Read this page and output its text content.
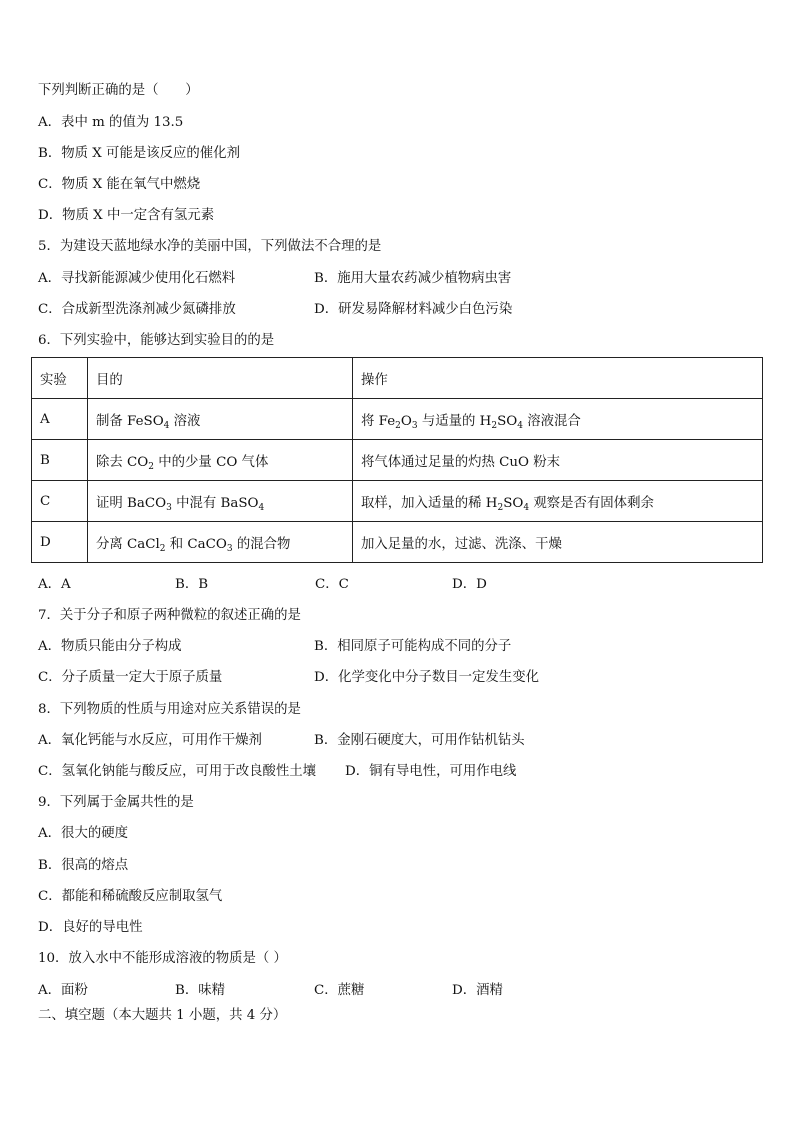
下列判断正确的是（　　）
A．表中 m 的值为 13.5
B．物质 X 可能是该反应的催化剂
C．物质 X 能在氧气中燃烧
D．物质 X 中一定含有氢元素
5．为建设天蓝地绿水净的美丽中国，下列做法不合理的是
A．寻找新能源减少使用化石燃料	B．施用大量农药减少植物病虫害
C．合成新型洗涤剂减少氮磷排放	D．研发易降解材料减少白色污染
6．下列实验中，能够达到实验目的的是
实验	目的	操作
A	制备 FeSO$_4$ 溶液	将 $Fe_2O_3$ 与适量的 $H_2SO_4$ 溶液混合
B	除去 $CO_2$ 中的少量 CO 气体	将气体通过足量的灼热 CuO 粉末
C	证明 BaCO$_3$ 中混有 BaSO$_4$	取样，加入适量的稀 $H_2SO_4$ 观察是否有固体剩余
D	分离 CaCl$_2$ 和 CaCO$_3$ 的混合物	加入足量的水，过滤、洗涤、干燥
A．A	B．B	C．C	D．D
7．关于分子和原子两种微粒的叙述正确的是
A．物质只能由分子构成	B．相同原子可能构成不同的分子
C．分子质量一定大于原子质量	D．化学变化中分子数目一定发生变化
8．下列物质的性质与用途对应关系错误的是
A．氧化钙能与水反应，可用作干燥剂	B．金刚石硬度大，可用作钻机钻头
C．氢氧化钠能与酸反应，可用于改良酸性土壤 D．铜有导电性，可用作电线
9．下列属于金属共性的是
A．很大的硬度
B．很高的熔点
C．都能和稀硫酸反应制取氢气
D．良好的导电性
10．放入水中不能形成溶液的物质是（ ）
A．面粉	B．味精	C．蔗糖	D．酒精
二、填空题（本大题共 1 小题，共 4 分）
